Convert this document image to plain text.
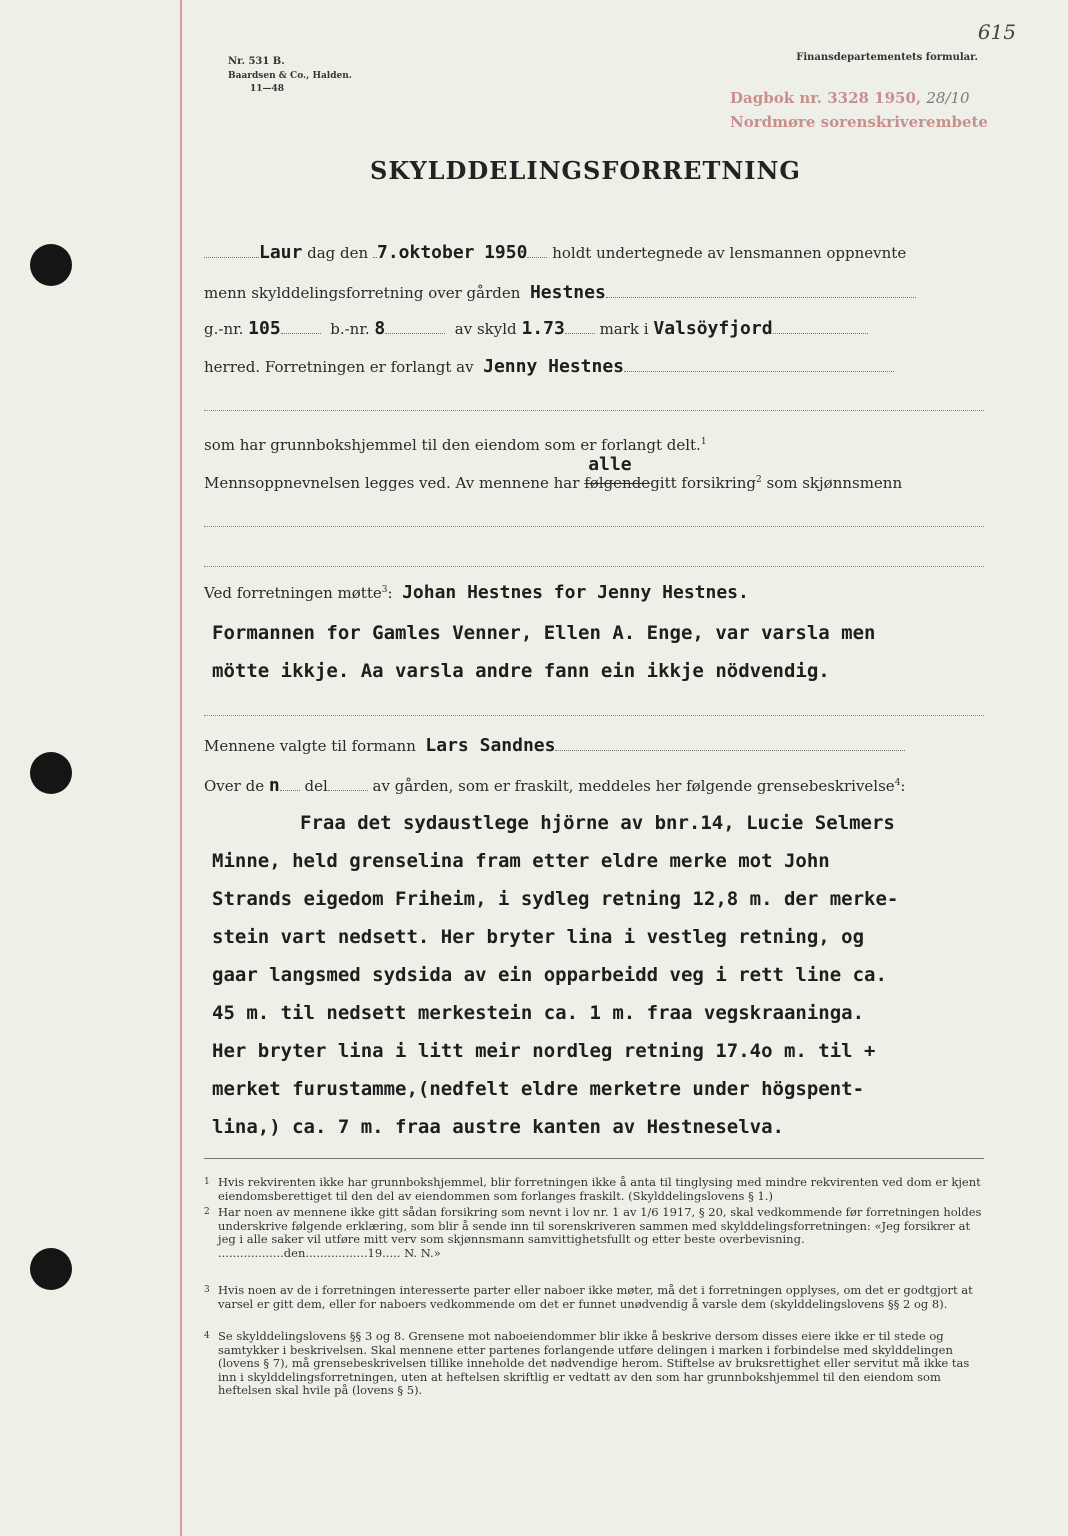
Nr. 531 B.
Baardsen & Co., Halden.
11—48
Finansdepartementets formular.
615
Dagbok nr. 3328 1950, 28/10
Nordmøre sorenskriverembete
SKYLDDELINGSFORRETNING
Laur dag den 7.oktober 1950 holdt undertegnede av lensmannen oppnevnte
menn skylddelingsforretning over gården Hestnes
g.-nr. 105	b.-nr. 8	av skyld 1.73 mark i Valsöyfjord
herred. Forretningen er forlangt av Jenny Hestnes
som har grunnbokshjemmel til den eiendom som er forlangt delt.$^1$
Mennsoppnevnelsen legges ved. Av mennene har
alle
følgendegitt forsikring$^2$ som skjønnsmenn
Ved forretningen møtte$^3$:  Johan Hestnes for Jenny Hestnes.
Formannen for Gamles Venner, Ellen A. Enge, var varsla men
mötte ikkje. Aa varsla andre fann ein ikkje nödvendig.
Mennene valgte til formann Lars Sandnes
Over de n del	av gården, som er fraskilt, meddeles her følgende grensebeskrivelse$^4$:
Fraa det sydaustlege hjörne av bnr.14, Lucie Selmers
Minne, held grenselina fram etter eldre merke mot John
Strands eigedom Friheim, i sydleg retning 12,8 m. der merke-
stein vart nedsett. Her bryter lina i vestleg retning, og
gaar langsmed sydsida av ein opparbeidd veg i rett line ca.
45 m. til nedsett merkestein ca. 1 m. fraa vegskraaninga.
Her bryter lina i litt meir nordleg retning 17.4o m. til +
merket furustamme,(nedfelt eldre merketre under högspent-
lina,) ca. 7 m. fraa austre kanten av Hestneselva.
1 Hvis rekvirenten ikke har grunnbokshjemmel, blir forretningen ikke å anta til tinglysing med mindre rekvirenten ved dom er kjent eiendomsberettiget til den del av eiendommen som forlanges fraskilt. (Skylddelingslovens § 1.)
2 Har noen av mennene ikke gitt sådan forsikring som nevnt i lov nr. 1 av 1/6 1917, § 20, skal vedkommende før forretningen holdes underskrive følgende erklæring, som blir å sende inn til sorenskriveren sammen med skylddelingsforretningen: «Jeg forsikrer at jeg i alle saker vil utføre mitt verv som skjønnsmann samvittighetsfullt og etter beste overbevisning. ..................den.................19..... N. N.»
3 Hvis noen av de i forretningen interesserte parter eller naboer ikke møter, må det i forretningen opplyses, om det er godtgjort at varsel er gitt dem, eller for naboers vedkommende om det er funnet unødvendig å varsle dem (skylddelingslovens §§ 2 og 8).
4 Se skylddelingslovens §§ 3 og 8. Grensene mot naboeiendommer blir ikke å beskrive dersom disses eiere ikke er til stede og samtykker i beskrivelsen. Skal mennene etter partenes forlangende utføre delingen i marken i forbindelse med skylddelingen (lovens § 7), må grensebeskrivelsen tillike inneholde det nødvendige herom. Stiftelse av bruksrettighet eller servitut må ikke tas inn i skylddelingsforretningen, uten at heftelsen skriftlig er vedtatt av den som har grunnbokshjemmel til den eiendom som heftelsen skal hvile på (lovens § 5).
